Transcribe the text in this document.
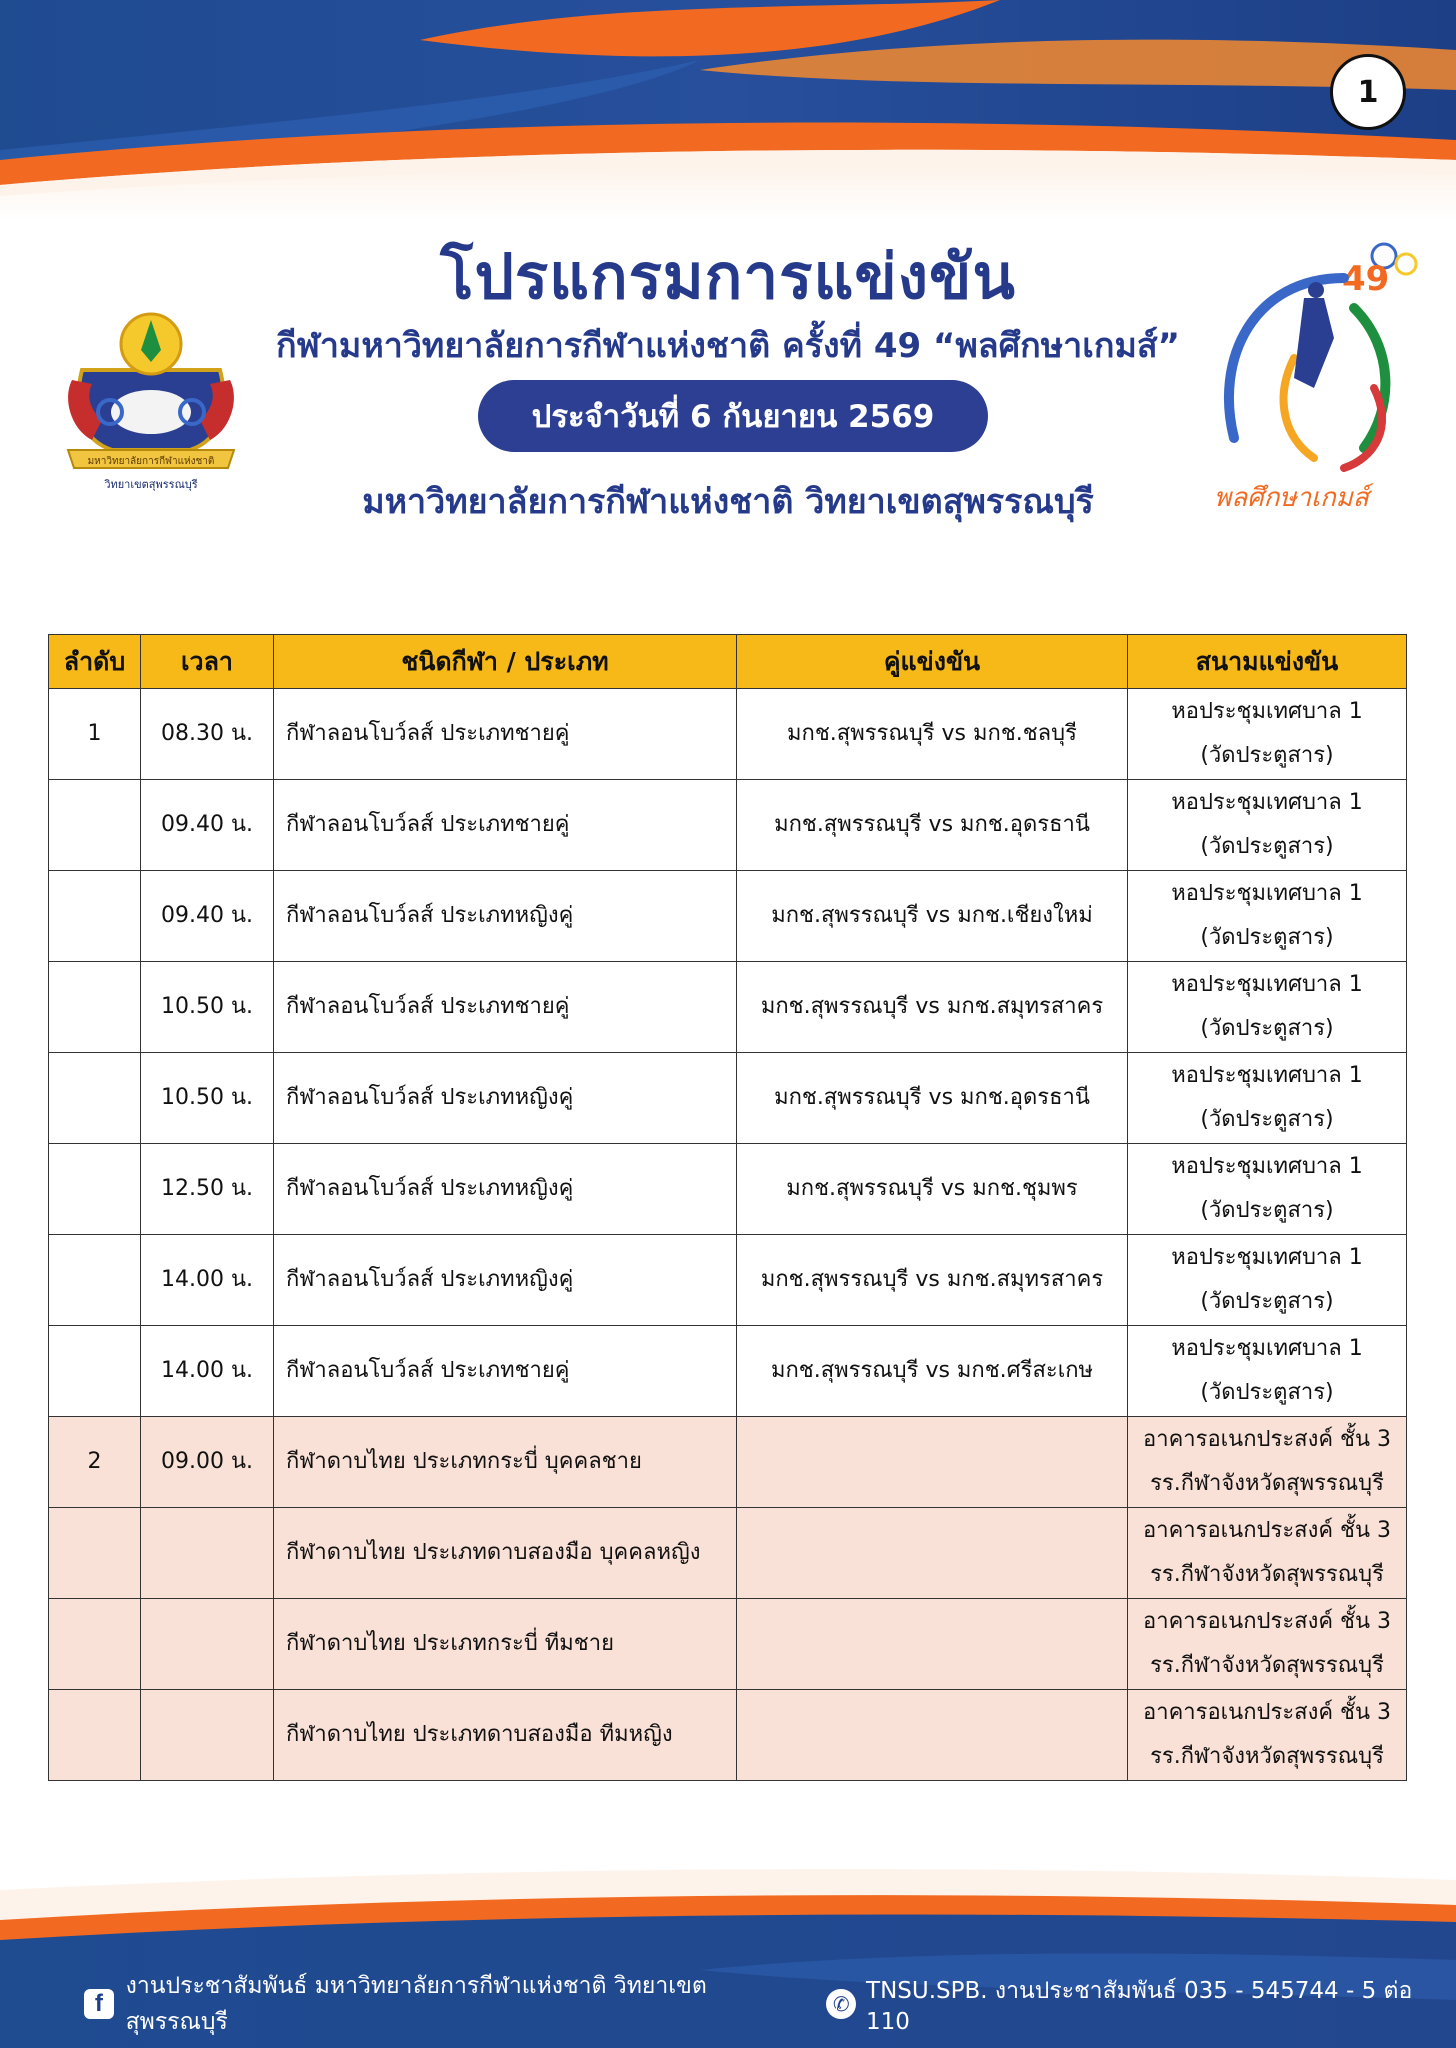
1
มหาวิทยาลัยการกีฬาแห่งชาติ
วิทยาเขตสุพรรณบุรี
โปรแกรมการแข่งขัน
กีฬามหาวิทยาลัยการกีฬาแห่งชาติ ครั้งที่ 49 “พลศึกษาเกมส์”
ประจำวันที่ 6 กันยายน 2569
มหาวิทยาลัยการกีฬาแห่งชาติ วิทยาเขตสุพรรณบุรี
49
พลศึกษาเกมส์
ลำดับ	เวลา	ชนิดกีฬา / ประเภท	คู่แข่งขัน	สนามแข่งขัน
1	08.30 น.	กีฬาลอนโบว์ลส์ ประเภทชายคู่	มกช.สุพรรณบุรี vs มกช.ชลบุรี	หอประชุมเทศบาล 1
(วัดประตูสาร)

	09.40 น.	กีฬาลอนโบว์ลส์ ประเภทชายคู่	มกช.สุพรรณบุรี vs มกช.อุดรธานี	หอประชุมเทศบาล 1
(วัดประตูสาร)

	09.40 น.	กีฬาลอนโบว์ลส์ ประเภทหญิงคู่	มกช.สุพรรณบุรี vs มกช.เชียงใหม่	หอประชุมเทศบาล 1
(วัดประตูสาร)

	10.50 น.	กีฬาลอนโบว์ลส์ ประเภทชายคู่	มกช.สุพรรณบุรี vs มกช.สมุทรสาคร	หอประชุมเทศบาล 1
(วัดประตูสาร)

	10.50 น.	กีฬาลอนโบว์ลส์ ประเภทหญิงคู่	มกช.สุพรรณบุรี vs มกช.อุดรธานี	หอประชุมเทศบาล 1
(วัดประตูสาร)

	12.50 น.	กีฬาลอนโบว์ลส์ ประเภทหญิงคู่	มกช.สุพรรณบุรี vs มกช.ชุมพร	หอประชุมเทศบาล 1
(วัดประตูสาร)

	14.00 น.	กีฬาลอนโบว์ลส์ ประเภทหญิงคู่	มกช.สุพรรณบุรี vs มกช.สมุทรสาคร	หอประชุมเทศบาล 1
(วัดประตูสาร)

	14.00 น.	กีฬาลอนโบว์ลส์ ประเภทชายคู่	มกช.สุพรรณบุรี vs มกช.ศรีสะเกษ	หอประชุมเทศบาล 1
(วัดประตูสาร)

2	09.00 น.	กีฬาดาบไทย ประเภทกระบี่ บุคคลชาย		อาคารอเนกประสงค์ ชั้น 3
รร.กีฬาจังหวัดสุพรรณบุรี

		กีฬาดาบไทย ประเภทดาบสองมือ บุคคลหญิง		อาคารอเนกประสงค์ ชั้น 3
รร.กีฬาจังหวัดสุพรรณบุรี

		กีฬาดาบไทย ประเภทกระบี่ ทีมชาย		อาคารอเนกประสงค์ ชั้น 3
รร.กีฬาจังหวัดสุพรรณบุรี

		กีฬาดาบไทย ประเภทดาบสองมือ ทีมหญิง		อาคารอเนกประสงค์ ชั้น 3
รร.กีฬาจังหวัดสุพรรณบุรี
f
งานประชาสัมพันธ์ มหาวิทยาลัยการกีฬาแห่งชาติ วิทยาเขตสุพรรณบุรี
✆ TNSU.SPB. งานประชาสัมพันธ์ 035 - 545744 - 5 ต่อ 110
